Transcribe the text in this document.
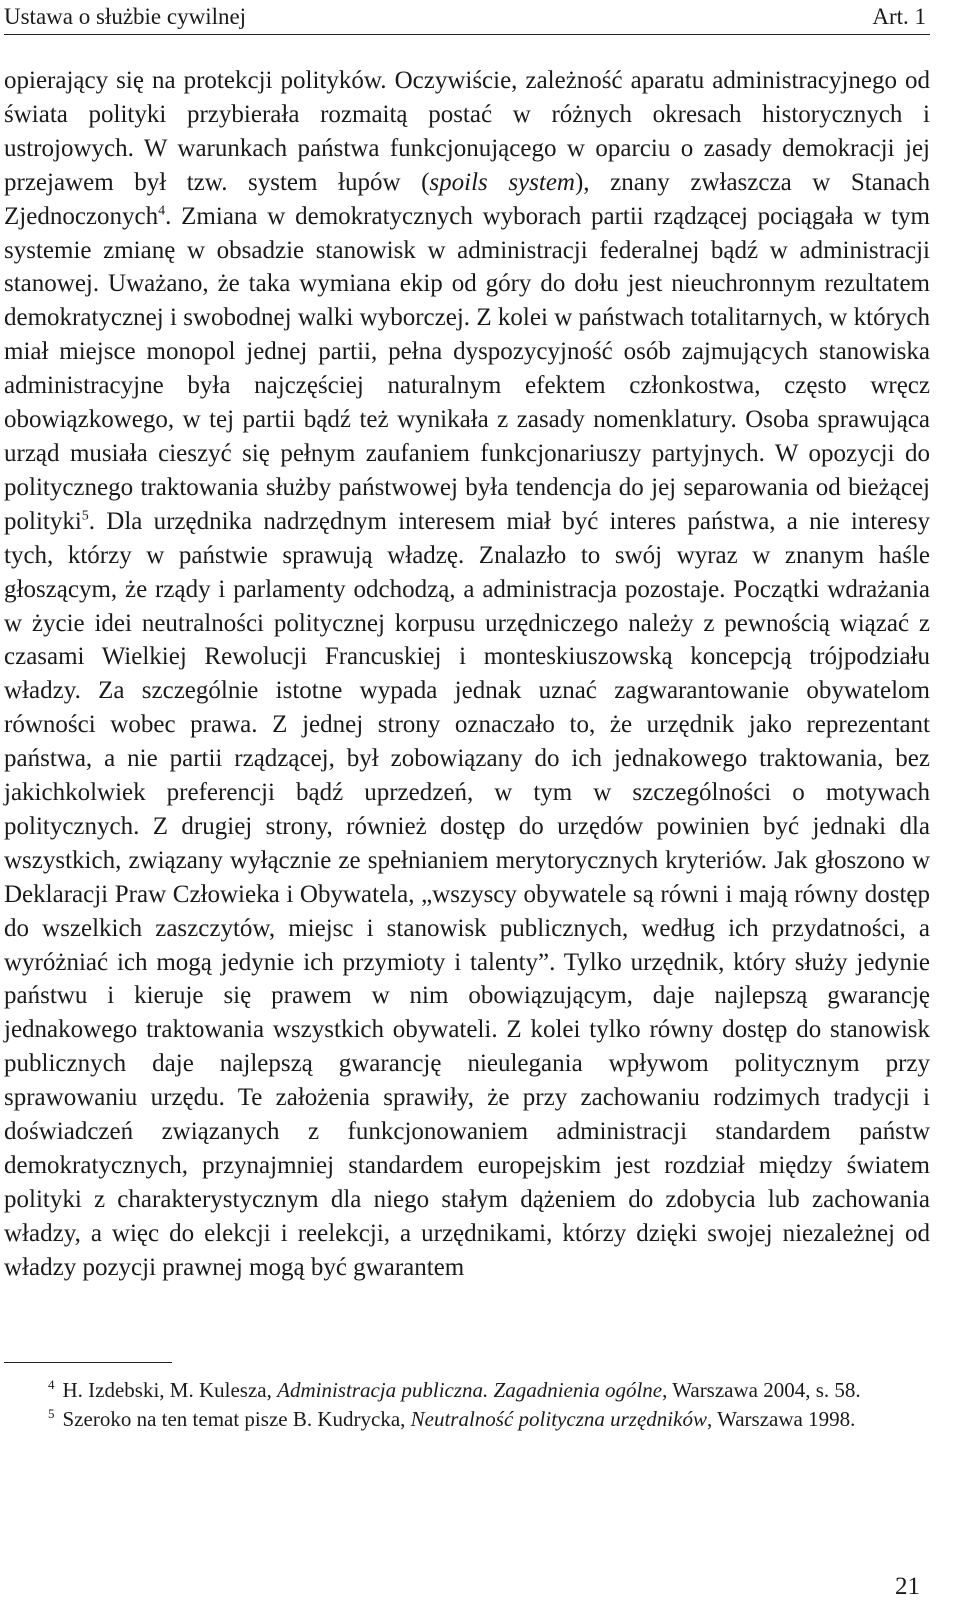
Ustawa o służbie cywilnej	Art. 1

opierający się na protekcji polityków. Oczywiście, zależność aparatu administracyjnego od świata polityki przybierała rozmaitą postać w różnych okresach historycznych i ustrojowych. W warunkach państwa funkcjonującego w oparciu o zasady demokracji jej przejawem był tzw. system łupów (spoils system), znany zwłaszcza w Stanach Zjednoczonych$^4$. Zmiana w demokratycznych wyborach partii rządzącej pociągała w tym systemie zmianę w obsadzie stanowisk w administracji federalnej bądź w administracji stanowej. Uważano, że taka wymiana ekip od góry do dołu jest nieuchronnym rezultatem demokratycznej i swobodnej walki wyborczej. Z kolei w państwach totalitarnych, w których miał miejsce monopol jednej partii, pełna dyspozycyjność osób zajmujących stanowiska administracyjne była najczęściej naturalnym efektem członkostwa, często wręcz obowiązkowego, w tej partii bądź też wynikała z zasady nomenklatury. Osoba sprawująca urząd musiała cieszyć się pełnym zaufaniem funkcjonariuszy partyjnych. W opozycji do politycznego traktowania służby państwowej była tendencja do jej separowania od bieżącej polityki$^5$. Dla urzędnika nadrzędnym interesem miał być interes państwa, a nie interesy tych, którzy w państwie sprawują władzę. Znalazło to swój wyraz w znanym haśle głoszącym, że rządy i parlamenty odchodzą, a administracja pozostaje. Początki wdrażania w życie idei neutralności politycznej korpusu urzędniczego należy z pewnością wiązać z czasami Wielkiej Rewolucji Francuskiej i monteskiuszowską koncepcją trójpodziału władzy. Za szczególnie istotne wypada jednak uznać zagwarantowanie obywatelom równości wobec prawa. Z jednej strony oznaczało to, że urzędnik jako reprezentant państwa, a nie partii rządzącej, był zobowiązany do ich jednakowego traktowania, bez jakichkolwiek preferencji bądź uprzedzeń, w tym w szczególności o motywach politycznych. Z drugiej strony, również dostęp do urzędów powinien być jednaki dla wszystkich, związany wyłącznie ze spełnianiem merytorycznych kryteriów. Jak głoszono w Deklaracji Praw Człowieka i Obywatela, „wszyscy obywatele są równi i mają równy dostęp do wszelkich zaszczytów, miejsc i stanowisk publicznych, według ich przydatności, a wyróżniać ich mogą jedynie ich przymioty i talenty”. Tylko urzędnik, który służy jedynie państwu i kieruje się prawem w nim obowiązującym, daje najlepszą gwarancję jednakowego traktowania wszystkich obywateli. Z kolei tylko równy dostęp do stanowisk publicznych daje najlepszą gwarancję nieulegania wpływom politycznym przy sprawowaniu urzędu. Te założenia sprawiły, że przy zachowaniu rodzimych tradycji i doświadczeń związanych z funkcjonowaniem administracji standardem państw demokratycznych, przynajmniej standardem europejskim jest rozdział między światem polityki z charakterystycznym dla niego stałym dążeniem do zdobycia lub zachowania władzy, a więc do elekcji i reelekcji, a urzędnikami, którzy dzięki swojej niezależnej od władzy pozycji prawnej mogą być gwarantem

$^4$ H. Izdebski, M. Kulesza, Administracja publiczna. Zagadnienia ogólne, Warszawa 2004, s. 58.

$^5$ Szeroko na ten temat pisze B. Kudrycka, Neutralność polityczna urzędników, Warszawa 1998.

21
